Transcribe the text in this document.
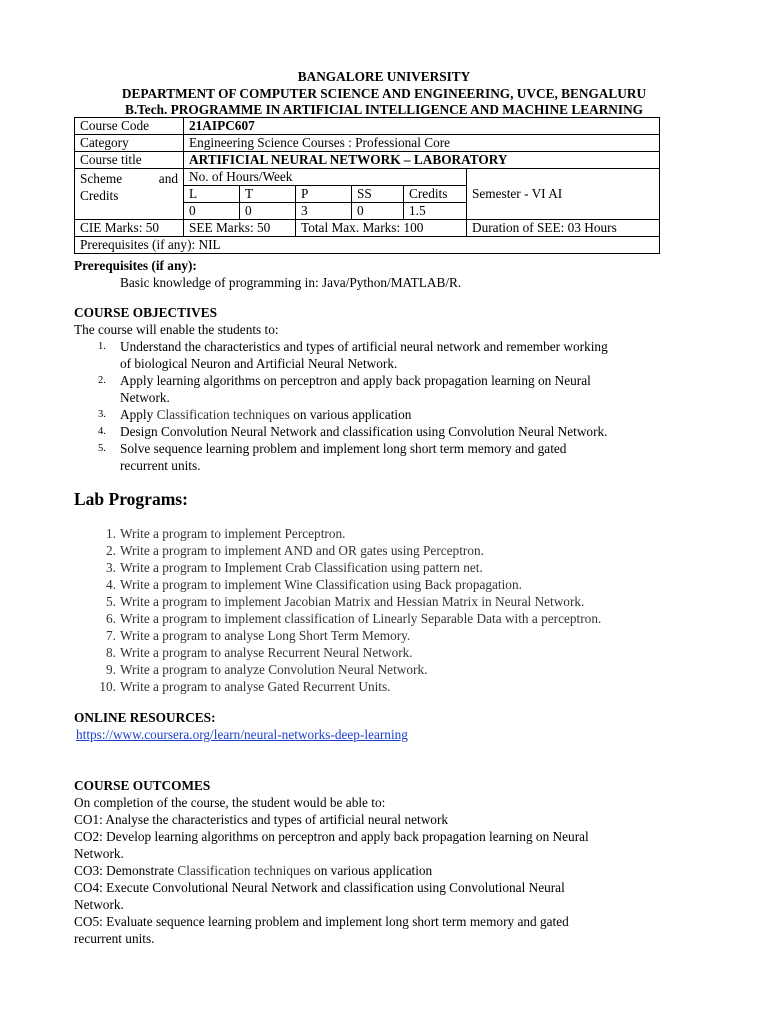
BANGALORE UNIVERSITY
DEPARTMENT OF COMPUTER SCIENCE AND ENGINEERING, UVCE, BENGALURU
B.Tech. PROGRAMME IN ARTIFICIAL INTELLIGENCE AND MACHINE LEARNING
Course Code	21AIPC607					
Category	Engineering Science Courses : Professional Core					
Course title	ARTIFICIAL NEURAL NETWORK – LABORATORY					

Scheme and
Credits	No. of Hours/Week					Semester - VI AI
	L	T	P	SS	Credits	
	0	0	3	0	1.5	
CIE Marks: 50	SEE Marks: 50		Total Max. Marks: 100			Duration of SEE: 03 Hours
Prerequisites (if any): NIL						
Prerequisites (if any):
Basic knowledge of programming in: Java/Python/MATLAB/R.
COURSE OBJECTIVES
The course will enable the students to:
1. Understand the characteristics and types of artificial neural network and remember working
of biological Neuron and Artificial Neural Network.
2. Apply learning algorithms on perceptron and apply back propagation learning on Neural
Network.
3. Apply Classification techniques on various application
4. Design Convolution Neural Network and classification using Convolution Neural Network.
5. Solve sequence learning problem and implement long short term memory and gated
recurrent units.
Lab Programs:
1. Write a program to implement Perceptron.
2. Write a program to implement AND and OR gates using Perceptron.
3. Write a program to Implement Crab Classification using pattern net.
4. Write a program to implement Wine Classification using Back propagation.
5. Write a program to implement Jacobian Matrix and Hessian Matrix in Neural Network.
6. Write a program to implement classification of Linearly Separable Data with a perceptron.
7. Write a program to analyse Long Short Term Memory.
8. Write a program to analyse Recurrent Neural Network.
9. Write a program to analyze Convolution Neural Network.
10. Write a program to analyse Gated Recurrent Units.
ONLINE RESOURCES:
https://www.coursera.org/learn/neural-networks-deep-learning
COURSE OUTCOMES
On completion of the course, the student would be able to:
CO1: Analyse the characteristics and types of artificial neural network
CO2: Develop learning algorithms on perceptron and apply back propagation learning on Neural
Network.
CO3: Demonstrate Classification techniques on various application
CO4: Execute Convolutional Neural Network and classification using Convolutional Neural
Network.
CO5: Evaluate sequence learning problem and implement long short term memory and gated
recurrent units.
